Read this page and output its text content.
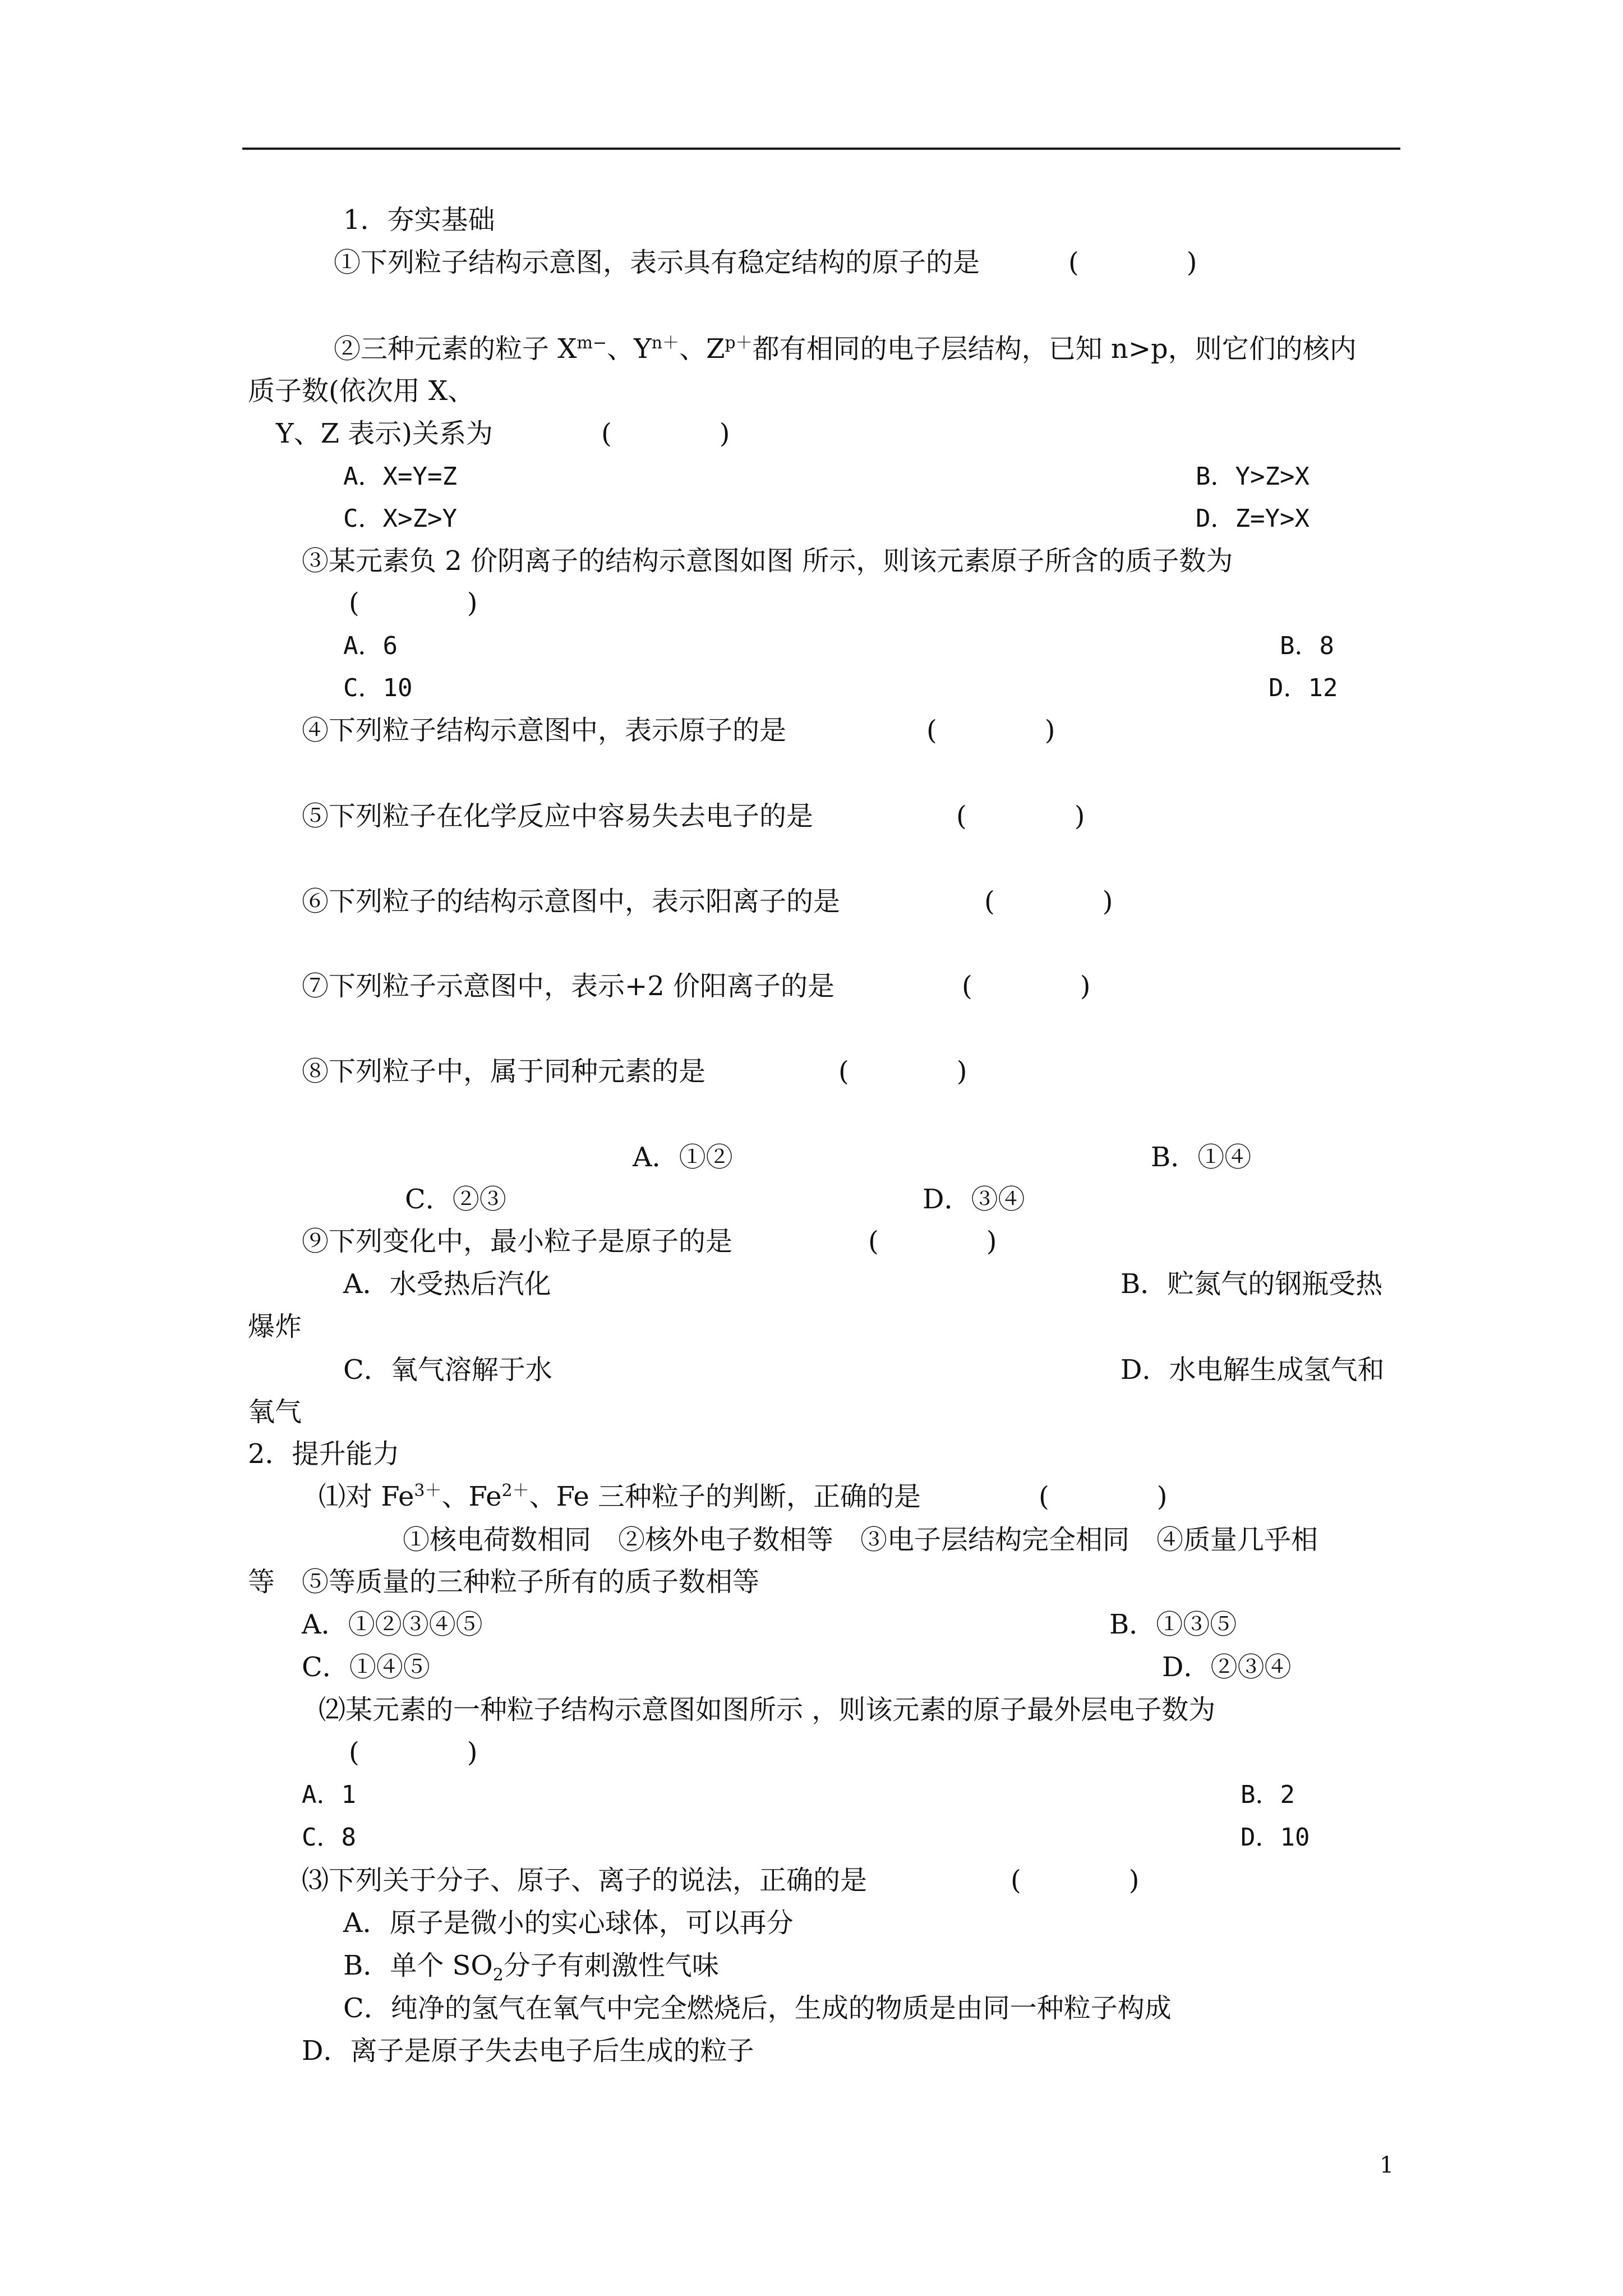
1．夯实基础
①下列粒子结构示意图，表示具有稳定结构的原子的是	(　　　　)
②三种元素的粒子 $X^{m-}$、$Y^{n+}$、$Z^{p+}$都有相同的电子层结构，已知 n>p，则它们的核内
质子数(依次用 X、
Y、Z 表示)关系为	(　　　　)
A．X=Y=Z	B．Y>Z>X
C．X>Z>Y	D．Z=Y>X
③某元素负 2 价阴离子的结构示意图如图 所示，则该元素原子所含的质子数为
(　　　　)
A．6	B．8
C．10	D．12
④下列粒子结构示意图中，表示原子的是	(　　　　)
⑤下列粒子在化学反应中容易失去电子的是	(　　　　)
⑥下列粒子的结构示意图中，表示阳离子的是	(　　　　)
⑦下列粒子示意图中，表示+2 价阳离子的是	(　　　　)
⑧下列粒子中，属于同种元素的是	(　　　　)
A．①②	B．①④
C．②③	D．③④
⑨下列变化中，最小粒子是原子的是	(　　　　)
A．水受热后汽化	B．贮氮气的钢瓶受热
爆炸
C．氧气溶解于水	D．水电解生成氢气和
氧气
2．提升能力
⑴对 $Fe^{3+}$、$Fe^{2+}$、Fe 三种粒子的判断，正确的是	(　　　　)
①核电荷数相同　②核外电子数相等　③电子层结构完全相同　④质量几乎相
等　⑤等质量的三种粒子所有的质子数相等
A．①②③④⑤	B．①③⑤
C．①④⑤	D．②③④
⑵某元素的一种粒子结构示意图如图所示 ，则该元素的原子最外层电子数为
(　　　　)
A．1	B．2
C．8	D．10
⑶下列关于分子、原子、离子的说法，正确的是	(　　　　)
A．原子是微小的实心球体，可以再分
B．单个 $SO_2$分子有刺激性气味
C．纯净的氢气在氧气中完全燃烧后，生成的物质是由同一种粒子构成
D．离子是原子失去电子后生成的粒子
1
